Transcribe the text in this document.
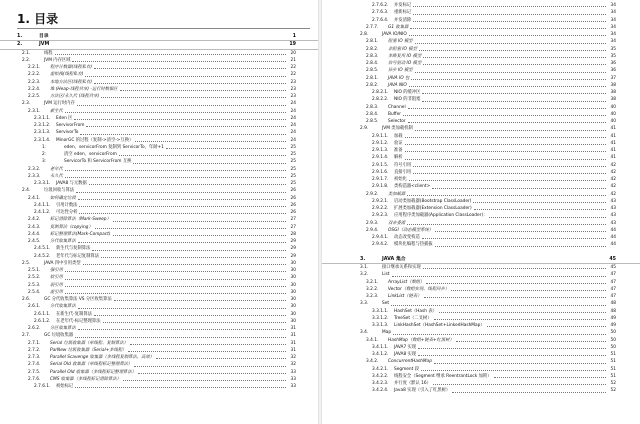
1. 目录
1.	目录	1
2.	JVM	19
2.1.	线程	20
2.2.	JVM 内存区域	21
2.2.1.	程序计数器(线程私有)	22
2.2.2.	虚拟栈(线程私有)	22
2.2.3.	本地方法区(线程私有)	23
2.2.4.	堆 (Heap-线程共享) -运行时数据区	23
2.2.5.	方法区/永久代 (线程共享)	23
2.3.	JVM 运行时内存	24
2.3.1.	新生代	24
2.3.1.1.	Eden 区	24
2.3.1.2.	ServivorFrom	24
2.3.1.3.	ServivorTo	24
2.3.1.4.	MinorGC 的过程（复制->清空->互换）	24
1：	eden、servicorFrom 复制到 ServicorTo，年龄+1	25
2：	清空 eden、servicorFrom	25
3：	ServicorTo 和 ServicorFrom 互换	25
2.3.2.	老年代	25
2.3.3.	永久代	25
2.3.3.1.	JAVA8 与元数据	25
2.4.	垃圾回收与算法	26
2.4.1.	如何确定垃圾	26
2.4.1.1.	引用计数法	26
2.4.1.2.	可达性分析	26
2.4.2.	标记清除算法（Mark-Sweep）	27
2.4.3.	复制算法（copying）	27
2.4.4.	标记整理算法(Mark-Compact)	28
2.4.5.	分代收集算法	29
2.4.5.1.	新生代与复制算法	29
2.4.5.2.	老年代与标记复制算法	29
2.5.	JAVA 四中引用类型	30
2.5.1.	强引用	30
2.5.2.	软引用	30
2.5.3.	弱引用	30
2.5.4.	虚引用	30
2.6.	GC 分代收集算法 VS 分区收集算法	30
2.6.1.	分代收集算法	30
2.6.1.1.	在新生代-复制算法	30
2.6.1.2.	在老年代-标记整理算法	30
2.6.2.	分区收集算法	31
2.7.	GC 垃圾收集器	31
2.7.1.	Serial 垃圾收集器（单线程、复制算法）	31
2.7.2.	ParNew 垃圾收集器（Serial+多线程）	31
2.7.3.	Parallel Scavenge 收集器（多线程复制算法、高效）	32
2.7.4.	Serial Old 收集器（单线程标记整理算法）	32
2.7.5.	Parallel Old 收集器（多线程标记整理算法）	33
2.7.6.	CMS 收集器（多线程标记清除算法）	33
2.7.6.1.	初始标记	33
2.7.6.2.	并发标记	34
2.7.6.3.	重新标记	34
2.7.6.4.	并发清除	34
2.7.7.	G1 收集器	34
2.8.	JAVA IO/NIO	34
2.8.1.	阻塞 IO 模型	34
2.8.2.	非阻塞 IO 模型	35
2.8.3.	多路复用 IO 模型	35
2.8.4.	信号驱动 IO 模型	36
2.8.5.	异步 IO 模型	36
2.8.1.	JAVA IO 包	37
2.8.2.	JAVA NIO	38
2.8.2.1.	NIO 的缓冲区	38
2.8.2.2.	NIO 的非阻塞	38
2.8.3.	Channel	40
2.8.4.	Buffer	40
2.8.5.	Selector	40
2.9.	JVM 类加载机制	41
2.9.1.1.	加载	41
2.9.1.2.	验证	41
2.9.1.3.	准备	41
2.9.1.4.	解析	41
2.9.1.5.	符号引用	42
2.9.1.6.	直接引用	42
2.9.1.7.	初始化	42
2.9.1.8.	类构造器<client>	42
2.9.2.	类加载器	42
2.9.2.1.	启动类加载器(Bootstrap ClassLoader)	43
2.9.2.2.	扩展类加载器(Extension ClassLoader)	43
2.9.2.3.	应用程序类加载器(Application ClassLoader)：	43
2.9.3.	双亲委派	43
2.9.4.	OSGI（动态模型系统）	44
2.9.4.1.	动态改变构造	44
2.9.4.2.	模块化编程与热插拔	44
3.	JAVA 集合	45
3.1.	接口继承关系和实现	45
3.2.	List	47
3.2.1.	ArrayList（数组）	47
3.2.2.	Vector（数组实现、线程同步）	47
3.2.3.	LinkList（链表）	47
3.3.	Set	48
3.3.1.1.	HashSet（Hash 表）	48
3.3.1.2.	TreeSet（二叉树）	49
3.3.1.3.	LinkHashSet（HashSet+LinkedHashMap）	49
3.4.	Map	50
3.4.1.	HashMap（数组+链表+红黑树）	50
3.4.1.1.	JAVA7 实现	50
3.4.1.2.	JAVA8 实现	51
3.4.2.	ConcurrentHashMap	51
3.4.2.1.	Segment 段	51
3.4.2.2.	线程安全（Segment 继承 ReentrantLock 加锁）	51
3.4.2.3.	并行度（默认 16）	52
3.4.2.4.	Java8 实现（引入了红黑树）	52
